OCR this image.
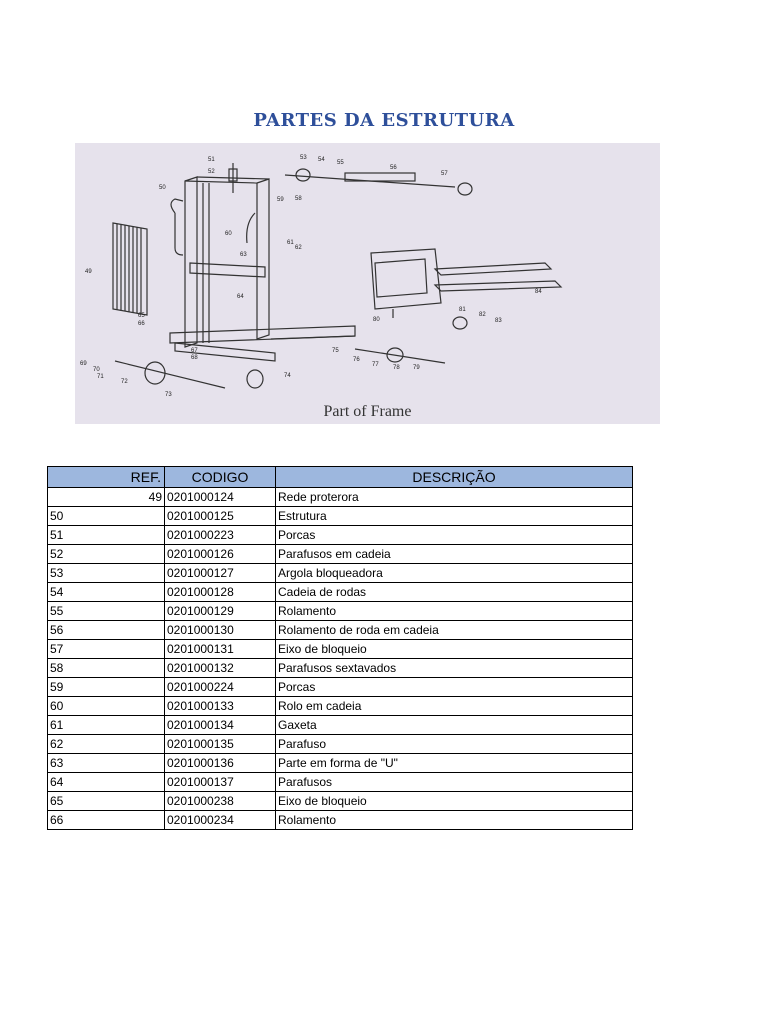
PARTES DA ESTRUTURA
51
52
53 54 55
56
57
50
59 58
60
61
62
63
49
64
65
66
67
68
69
70
71
72
73
74
75
76
77 78 79
80
81
82
83
84
Part of Frame
REF.	CODIGO	DESCRIÇÃO
49	0201000124	Rede proterora
50	0201000125	Estrutura
51	0201000223	Porcas
52	0201000126	Parafusos em cadeia
53	0201000127	Argola bloqueadora
54	0201000128	Cadeia de rodas
55	0201000129	Rolamento
56	0201000130	Rolamento de roda em cadeia
57	0201000131	Eixo de bloqueio
58	0201000132	Parafusos sextavados
59	0201000224	Porcas
60	0201000133	Rolo em cadeia
61	0201000134	Gaxeta
62	0201000135	Parafuso
63	0201000136	Parte em forma de "U"
64	0201000137	Parafusos
65	0201000238	Eixo de bloqueio
66	0201000234	Rolamento
